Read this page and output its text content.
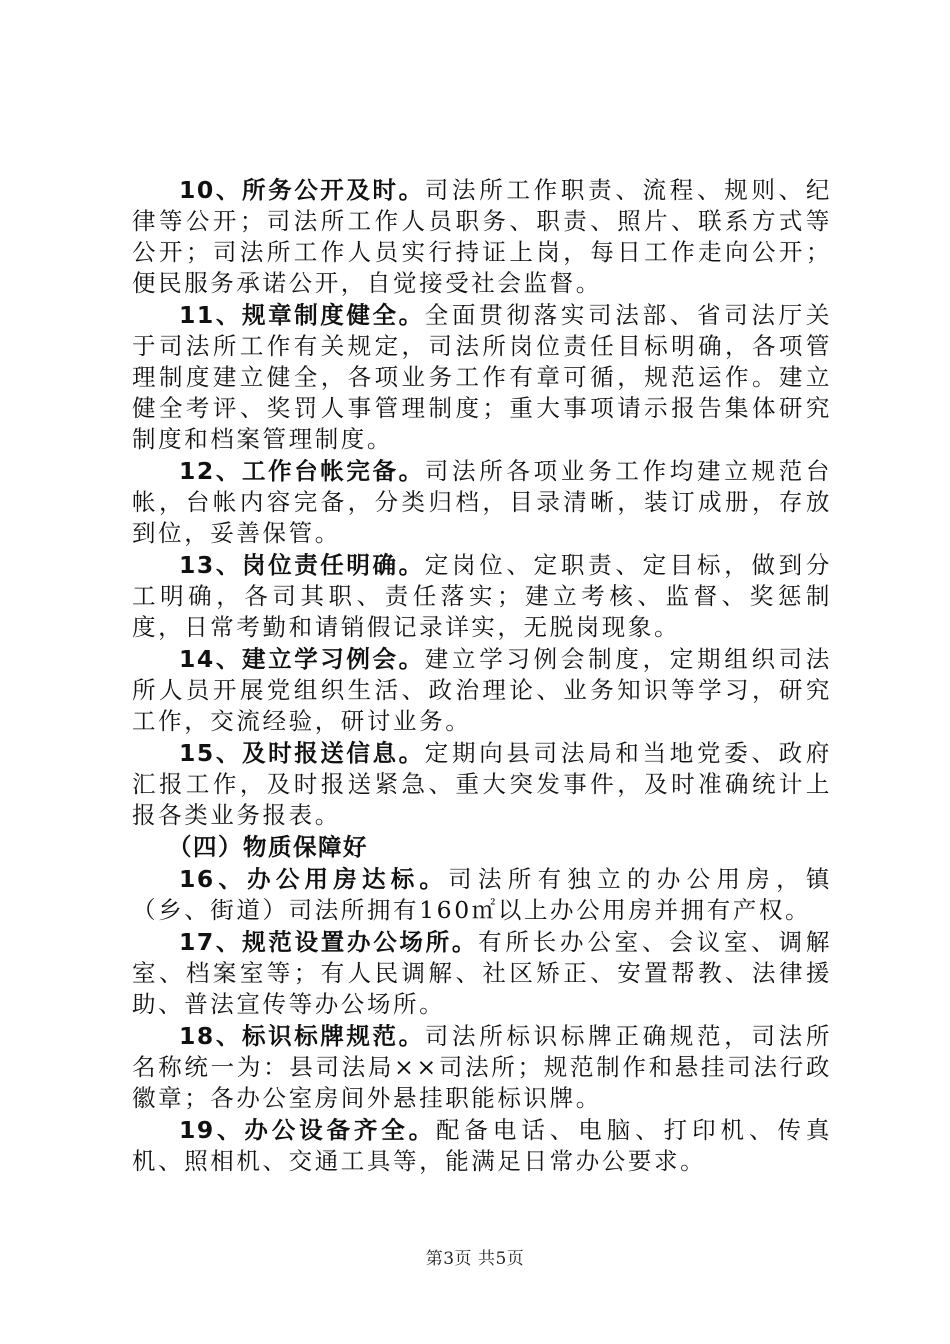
10、所务公开及时。司法所工作职责、流程、规则、纪律等公开；司法所工作人员职务、职责、照片、联系方式等公开；司法所工作人员实行持证上岗，每日工作走向公开；便民服务承诺公开，自觉接受社会监督。

11、规章制度健全。全面贯彻落实司法部、省司法厅关于司法所工作有关规定，司法所岗位责任目标明确，各项管理制度建立健全，各项业务工作有章可循，规范运作。建立健全考评、奖罚人事管理制度；重大事项请示报告集体研究制度和档案管理制度。

12、工作台帐完备。司法所各项业务工作均建立规范台帐，台帐内容完备，分类归档，目录清晰，装订成册，存放到位，妥善保管。

13、岗位责任明确。定岗位、定职责、定目标，做到分工明确，各司其职、责任落实；建立考核、监督、奖惩制度，日常考勤和请销假记录详实，无脱岗现象。

14、建立学习例会。建立学习例会制度，定期组织司法所人员开展党组织生活、政治理论、业务知识等学习，研究工作，交流经验，研讨业务。

15、及时报送信息。定期向县司法局和当地党委、政府汇报工作，及时报送紧急、重大突发事件，及时准确统计上报各类业务报表。

（四）物质保障好

16、办公用房达标。司法所有独立的办公用房，镇（乡、街道）司法所拥有160㎡以上办公用房并拥有产权。

17、规范设置办公场所。有所长办公室、会议室、调解室、档案室等；有人民调解、社区矫正、安置帮教、法律援助、普法宣传等办公场所。

18、标识标牌规范。司法所标识标牌正确规范，司法所名称统一为：县司法局××司法所；规范制作和悬挂司法行政徽章；各办公室房间外悬挂职能标识牌。

19、办公设备齐全。配备电话、电脑、打印机、传真机、照相机、交通工具等，能满足日常办公要求。

第3页 共5页
